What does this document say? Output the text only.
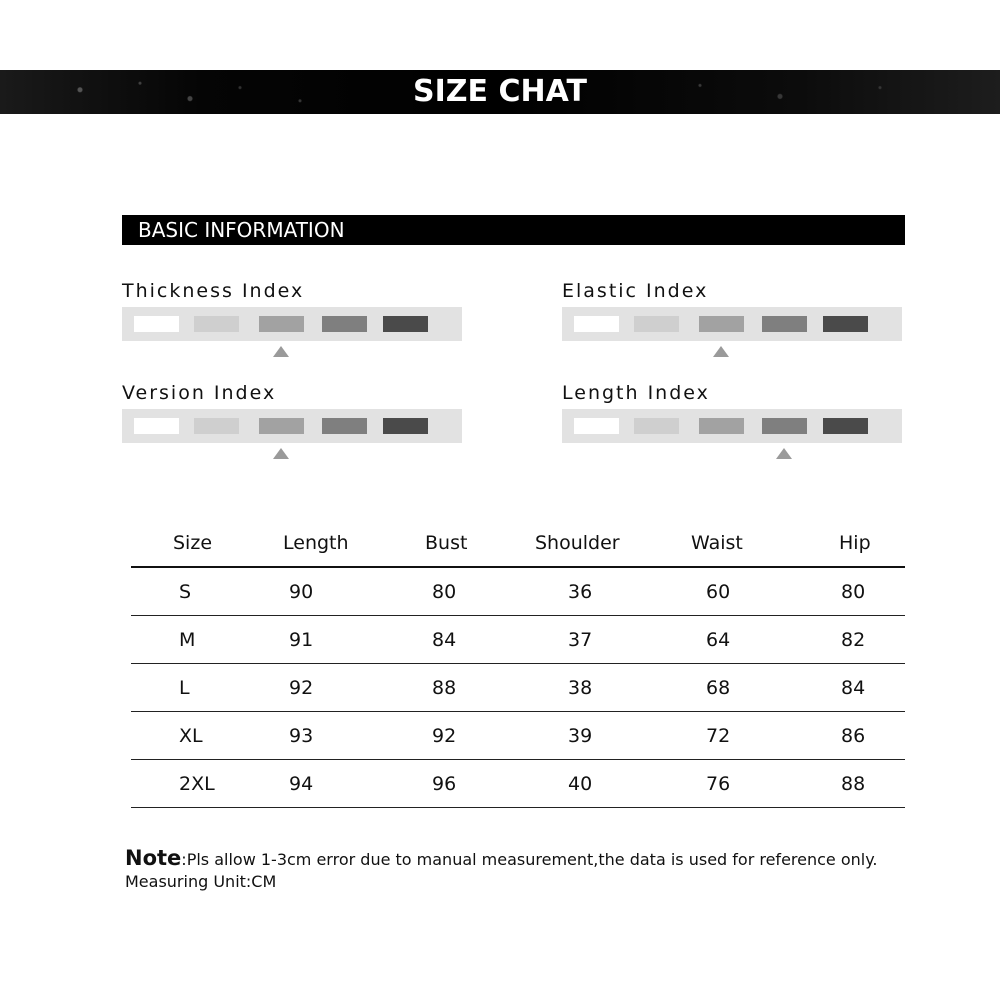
SIZE CHAT
BASIC INFORMATION
Thickness Index	Elastic Index
Version Index	Length Index
Size	Length	Bust	Shoulder	Waist	Hip
S	90	80	36	60	80
M	91	84	37	64	82
L	92	88	38	68	84
XL	93	92	39	72	86
2XL	94	96	40	76	88
Note:Pls allow 1-3cm error due to manual measurement,the data is used for reference only.
Measuring Unit:CM
